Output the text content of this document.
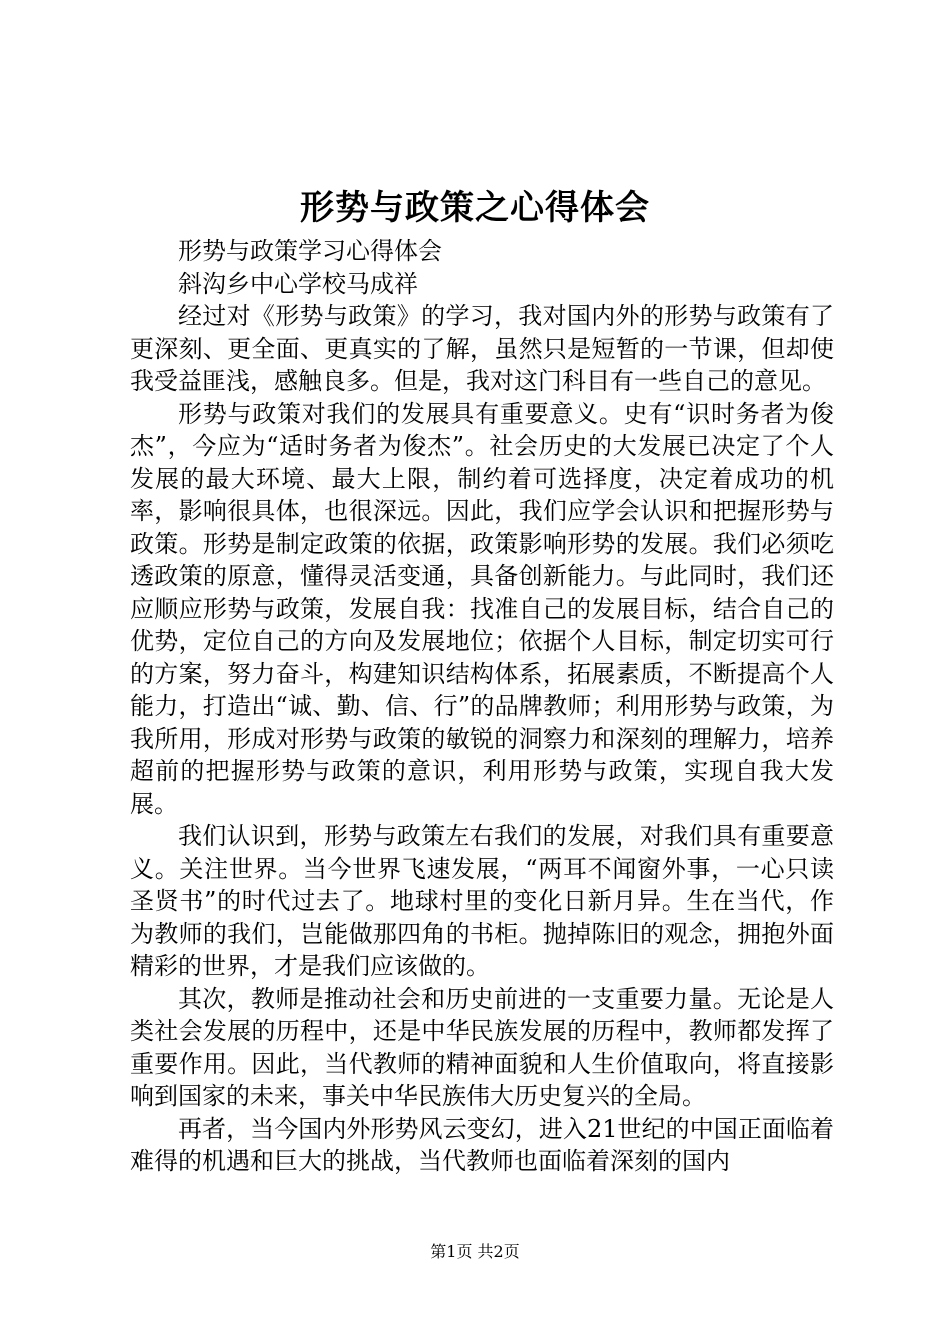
形势与政策之心得体会

形势与政策学习心得体会

斜沟乡中心学校马成祥

经过对《形势与政策》的学习，我对国内外的形势与政策有了更深刻、更全面、更真实的了解，虽然只是短暂的一节课，但却使我受益匪浅，感触良多。但是，我对这门科目有一些自己的意见。

形势与政策对我们的发展具有重要意义。史有“识时务者为俊杰”，今应为“适时务者为俊杰”。社会历史的大发展已决定了个人发展的最大环境、最大上限，制约着可选择度，决定着成功的机率，影响很具体，也很深远。因此，我们应学会认识和把握形势与政策。形势是制定政策的依据，政策影响形势的发展。我们必须吃透政策的原意，懂得灵活变通，具备创新能力。与此同时，我们还应顺应形势与政策，发展自我：找准自己的发展目标，结合自己的优势，定位自己的方向及发展地位；依据个人目标，制定切实可行的方案，努力奋斗，构建知识结构体系，拓展素质，不断提高个人能力，打造出“诚、勤、信、行”的品牌教师；利用形势与政策，为我所用，形成对形势与政策的敏锐的洞察力和深刻的理解力，培养超前的把握形势与政策的意识，利用形势与政策，实现自我大发展。

我们认识到，形势与政策左右我们的发展，对我们具有重要意义。关注世界。当今世界飞速发展，“两耳不闻窗外事，一心只读圣贤书”的时代过去了。地球村里的变化日新月异。生在当代，作为教师的我们，岂能做那四角的书柜。抛掉陈旧的观念，拥抱外面精彩的世界，才是我们应该做的。

其次，教师是推动社会和历史前进的一支重要力量。无论是人类社会发展的历程中，还是中华民族发展的历程中，教师都发挥了重要作用。因此，当代教师的精神面貌和人生价值取向，将直接影响到国家的未来，事关中华民族伟大历史复兴的全局。

再者，当今国内外形势风云变幻，进入21世纪的中国正面临着难得的机遇和巨大的挑战，当代教师也面临着深刻的国内

第1页 共2页
